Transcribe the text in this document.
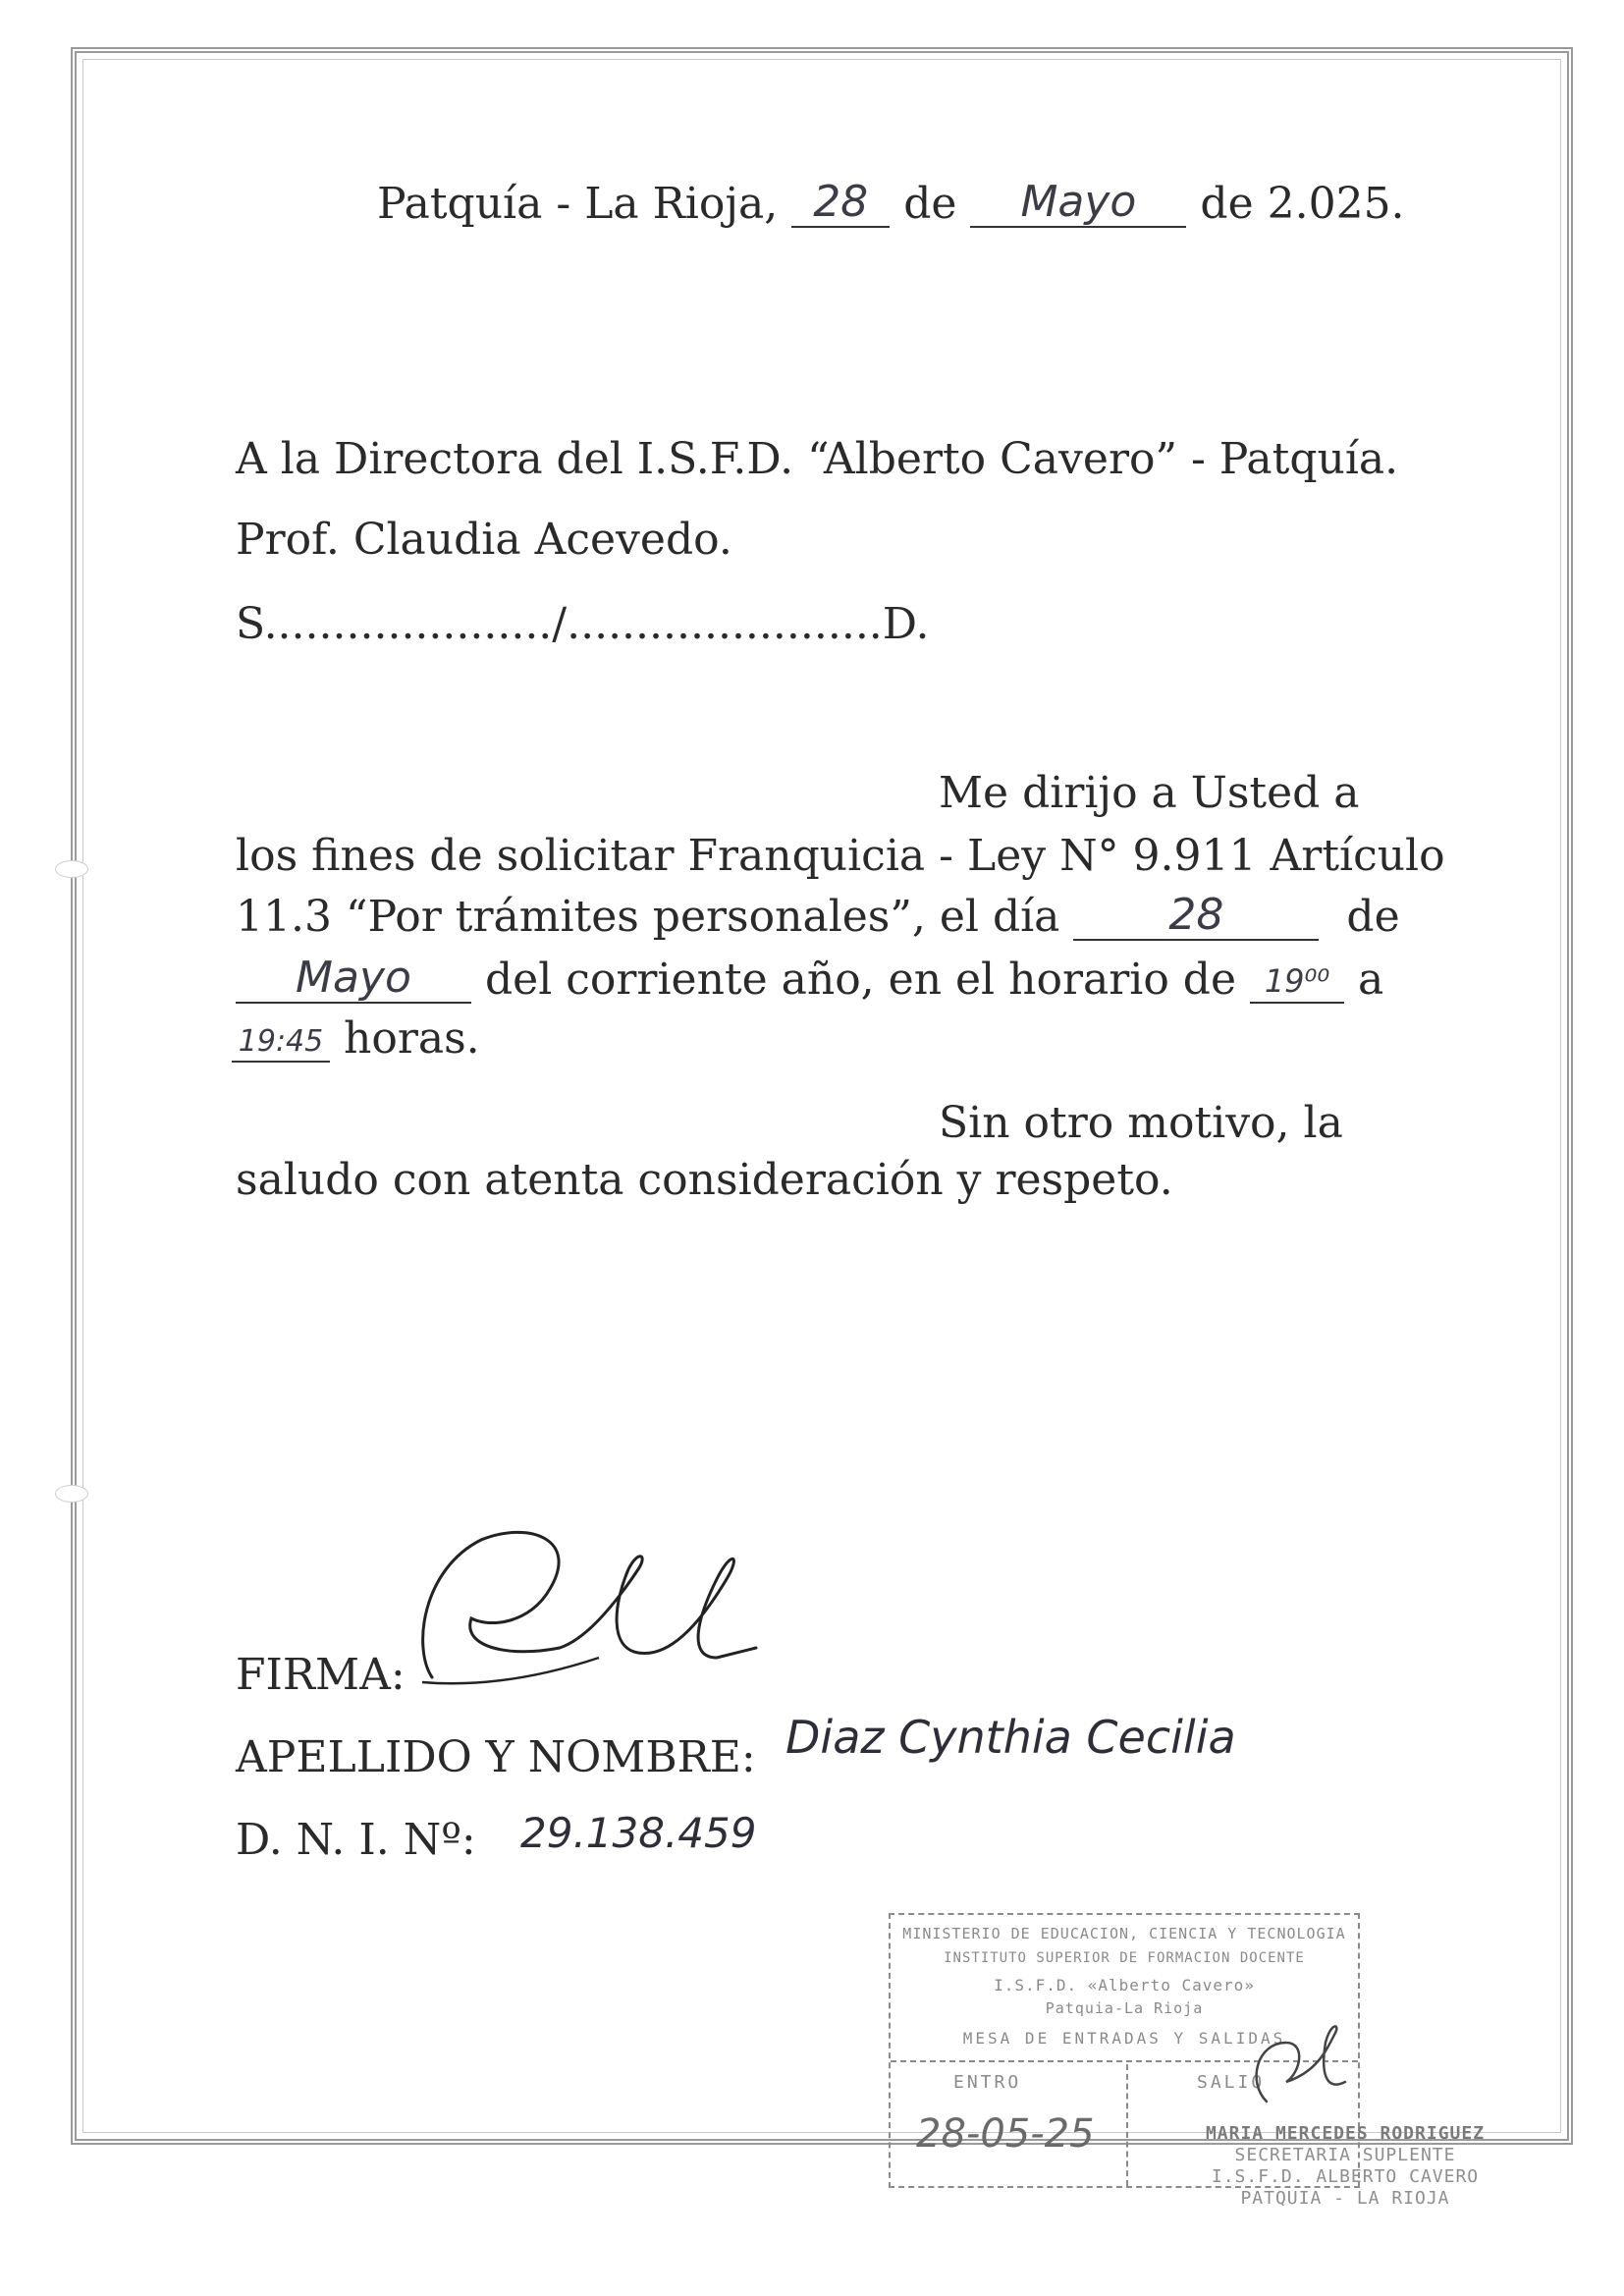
Patquía - La Rioja, 28 de Mayo de 2.025.
A la Directora del I.S.F.D. “Alberto Cavero” - Patquía.
Prof. Claudia Acevedo.
S...................../.......................D.
Me dirijo a Usted a
los fines de solicitar Franquicia - Ley N° 9.911 Artículo
11.3 “Por trámites personales”, el día	28	de
Mayo del corriente año, en el horario de 19⁰⁰ a
19:45 horas.
Sin otro motivo, la
saludo con atenta consideración y respeto.
FIRMA:
APELLIDO Y NOMBRE: Diaz Cynthia Cecilia
D. N. I. Nº: 29.138.459
MINISTERIO DE EDUCACION, CIENCIA Y TECNOLOGIA
INSTITUTO SUPERIOR DE FORMACION DOCENTE
I.S.F.D. «Alberto Cavero»
Patquia-La Rioja
MESA DE ENTRADAS Y SALIDAS
ENTRO	SALIO
28-05-25	MARIA MERCEDES RODRIGUEZ
SECRETARIA SUPLENTE
I.S.F.D. ALBERTO CAVERO
PATQUIA - LA RIOJA
